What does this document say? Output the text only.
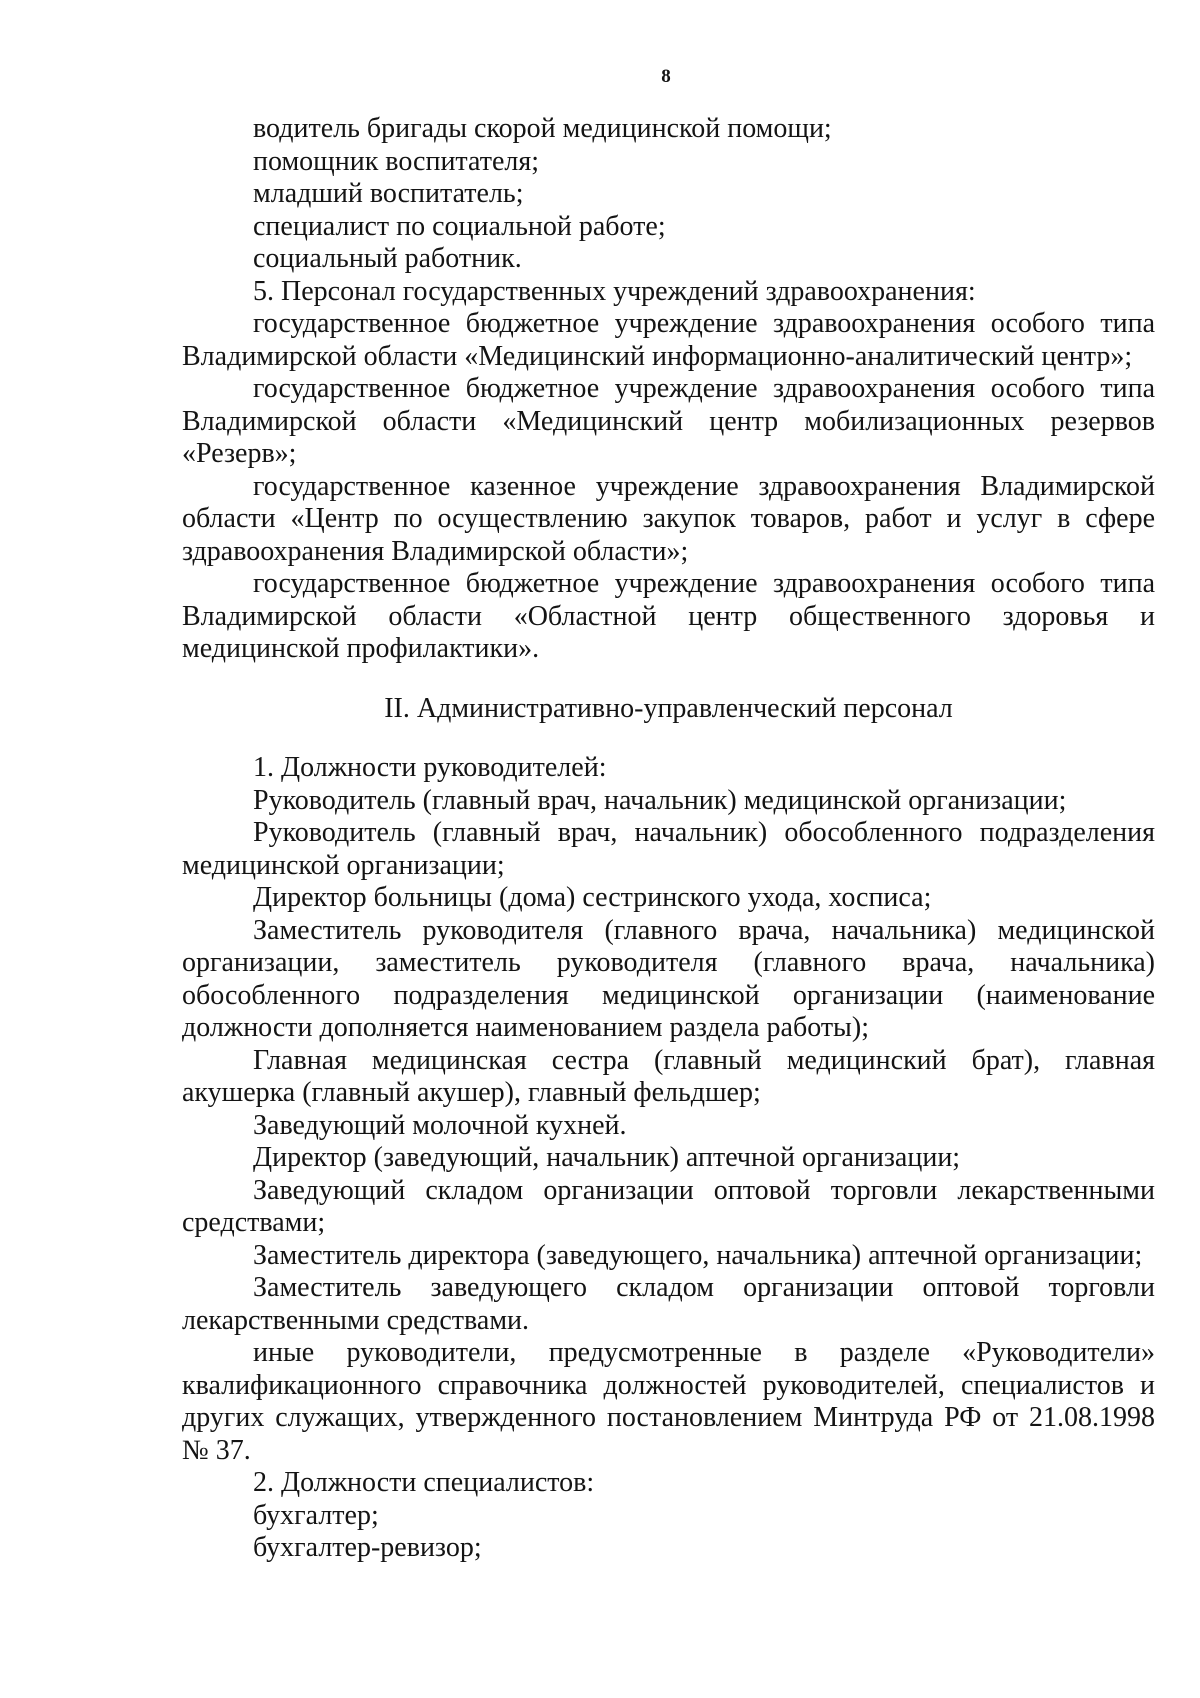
8

водитель бригады скорой медицинской помощи;

помощник воспитателя;

младший воспитатель;

специалист по социальной работе;

социальный работник.

5. Персонал государственных учреждений здравоохранения:

государственное бюджетное учреждение здравоохранения особого типа Владимирской области «Медицинский информационно-аналитический центр»;

государственное бюджетное учреждение здравоохранения особого типа Владимирской области «Медицинский центр мобилизационных резервов «Резерв»;

государственное казенное учреждение здравоохранения Владимирской области «Центр по осуществлению закупок товаров, работ и услуг в сфере здравоохранения Владимирской области»;

государственное бюджетное учреждение здравоохранения особого типа Владимирской области «Областной центр общественного здоровья и медицинской профилактики».

II. Административно-управленческий персонал

1. Должности руководителей:

Руководитель (главный врач, начальник) медицинской организации;

Руководитель (главный врач, начальник) обособленного подразделения медицинской организации;

Директор больницы (дома) сестринского ухода, хосписа;

Заместитель руководителя (главного врача, начальника) медицинской организации, заместитель руководителя (главного врача, начальника) обособленного подразделения медицинской организации (наименование должности дополняется наименованием раздела работы);

Главная медицинская сестра (главный медицинский брат), главная акушерка (главный акушер), главный фельдшер;

Заведующий молочной кухней.

Директор (заведующий, начальник) аптечной организации;

Заведующий складом организации оптовой торговли лекарственными средствами;

Заместитель директора (заведующего, начальника) аптечной организации;

Заместитель заведующего складом организации оптовой торговли лекарственными средствами.

иные руководители, предусмотренные в разделе «Руководители» квалификационного справочника должностей руководителей, специалистов и других служащих, утвержденного постановлением Минтруда РФ от 21.08.1998 № 37.

2. Должности специалистов:

бухгалтер;

бухгалтер-ревизор;
